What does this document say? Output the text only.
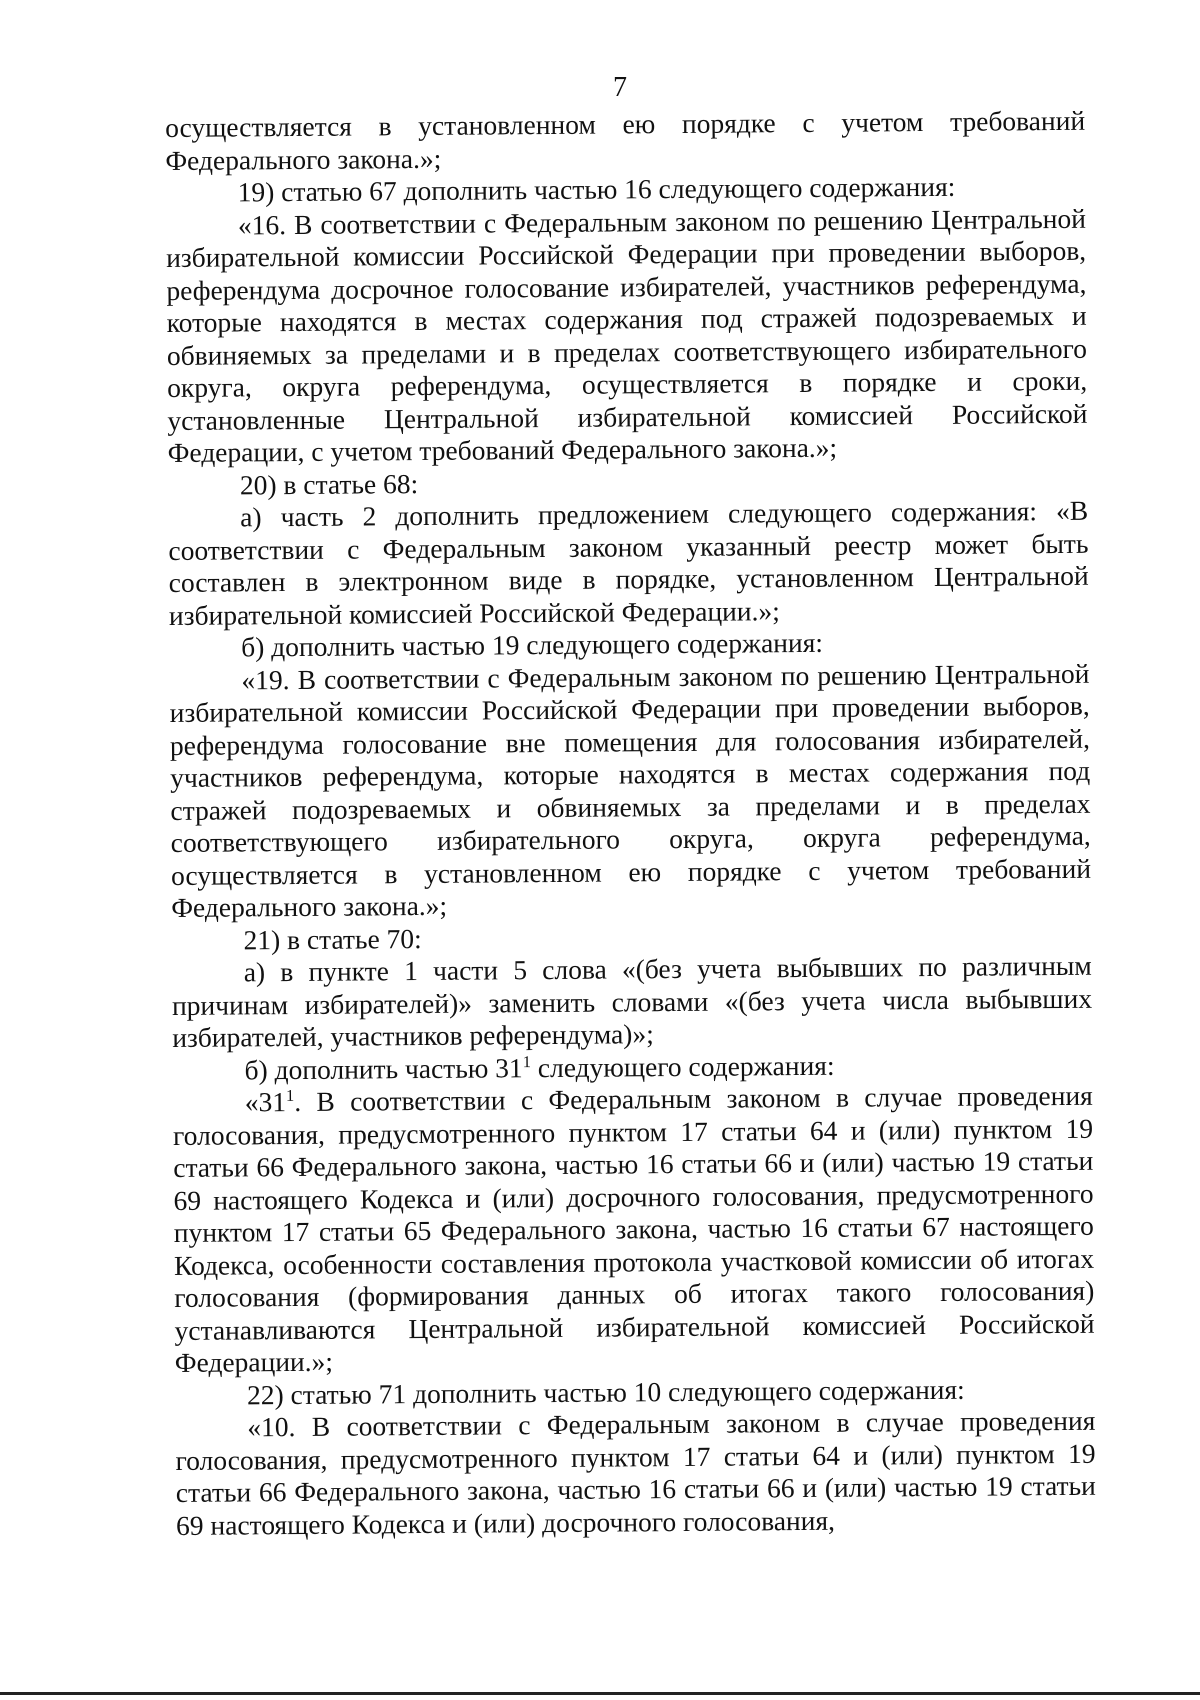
7

осуществляется в установленном ею порядке с учетом требований Федерального закона.»;

19) статью 67 дополнить частью 16 следующего содержания:

«16. В соответствии с Федеральным законом по решению Центральной избирательной комиссии Российской Федерации при проведении выборов, референдума досрочное голосование избирателей, участников референдума, которые находятся в местах содержания под стражей подозреваемых и обвиняемых за пределами и в пределах соответствующего избирательного округа, округа референдума, осуществляется в порядке и сроки, установленные Центральной избирательной комиссией Российской Федерации, с учетом требований Федерального закона.»;

20) в статье 68:

а) часть 2 дополнить предложением следующего содержания: «В соответствии с Федеральным законом указанный реестр может быть составлен в электронном виде в порядке, установленном Центральной избирательной комиссией Российской Федерации.»;

б) дополнить частью 19 следующего содержания:

«19. В соответствии с Федеральным законом по решению Центральной избирательной комиссии Российской Федерации при проведении выборов, референдума голосование вне помещения для голосования избирателей, участников референдума, которые находятся в местах содержания под стражей подозреваемых и обвиняемых за пределами и в пределах соответствующего избирательного округа, округа референдума, осуществляется в установленном ею порядке с учетом требований Федерального закона.»;

21) в статье 70:

а) в пункте 1 части 5 слова «(без учета выбывших по различным причинам избирателей)» заменить словами «(без учета числа выбывших избирателей, участников референдума)»;

б) дополнить частью $31^1$ следующего содержания:

«$31^1$. В соответствии с Федеральным законом в случае проведения голосования, предусмотренного пунктом 17 статьи 64 и (или) пунктом 19 статьи 66 Федерального закона, частью 16 статьи 66 и (или) частью 19 статьи 69 настоящего Кодекса и (или) досрочного голосования, предусмотренного пунктом 17 статьи 65 Федерального закона, частью 16 статьи 67 настоящего Кодекса, особенности составления протокола участковой комиссии об итогах голосования (формирования данных об итогах такого голосования) устанавливаются Центральной избирательной комиссией Российской Федерации.»;

22) статью 71 дополнить частью 10 следующего содержания:

«10. В соответствии с Федеральным законом в случае проведения голосования, предусмотренного пунктом 17 статьи 64 и (или) пунктом 19 статьи 66 Федерального закона, частью 16 статьи 66 и (или) частью 19 статьи 69 настоящего Кодекса и (или) досрочного голосования,
